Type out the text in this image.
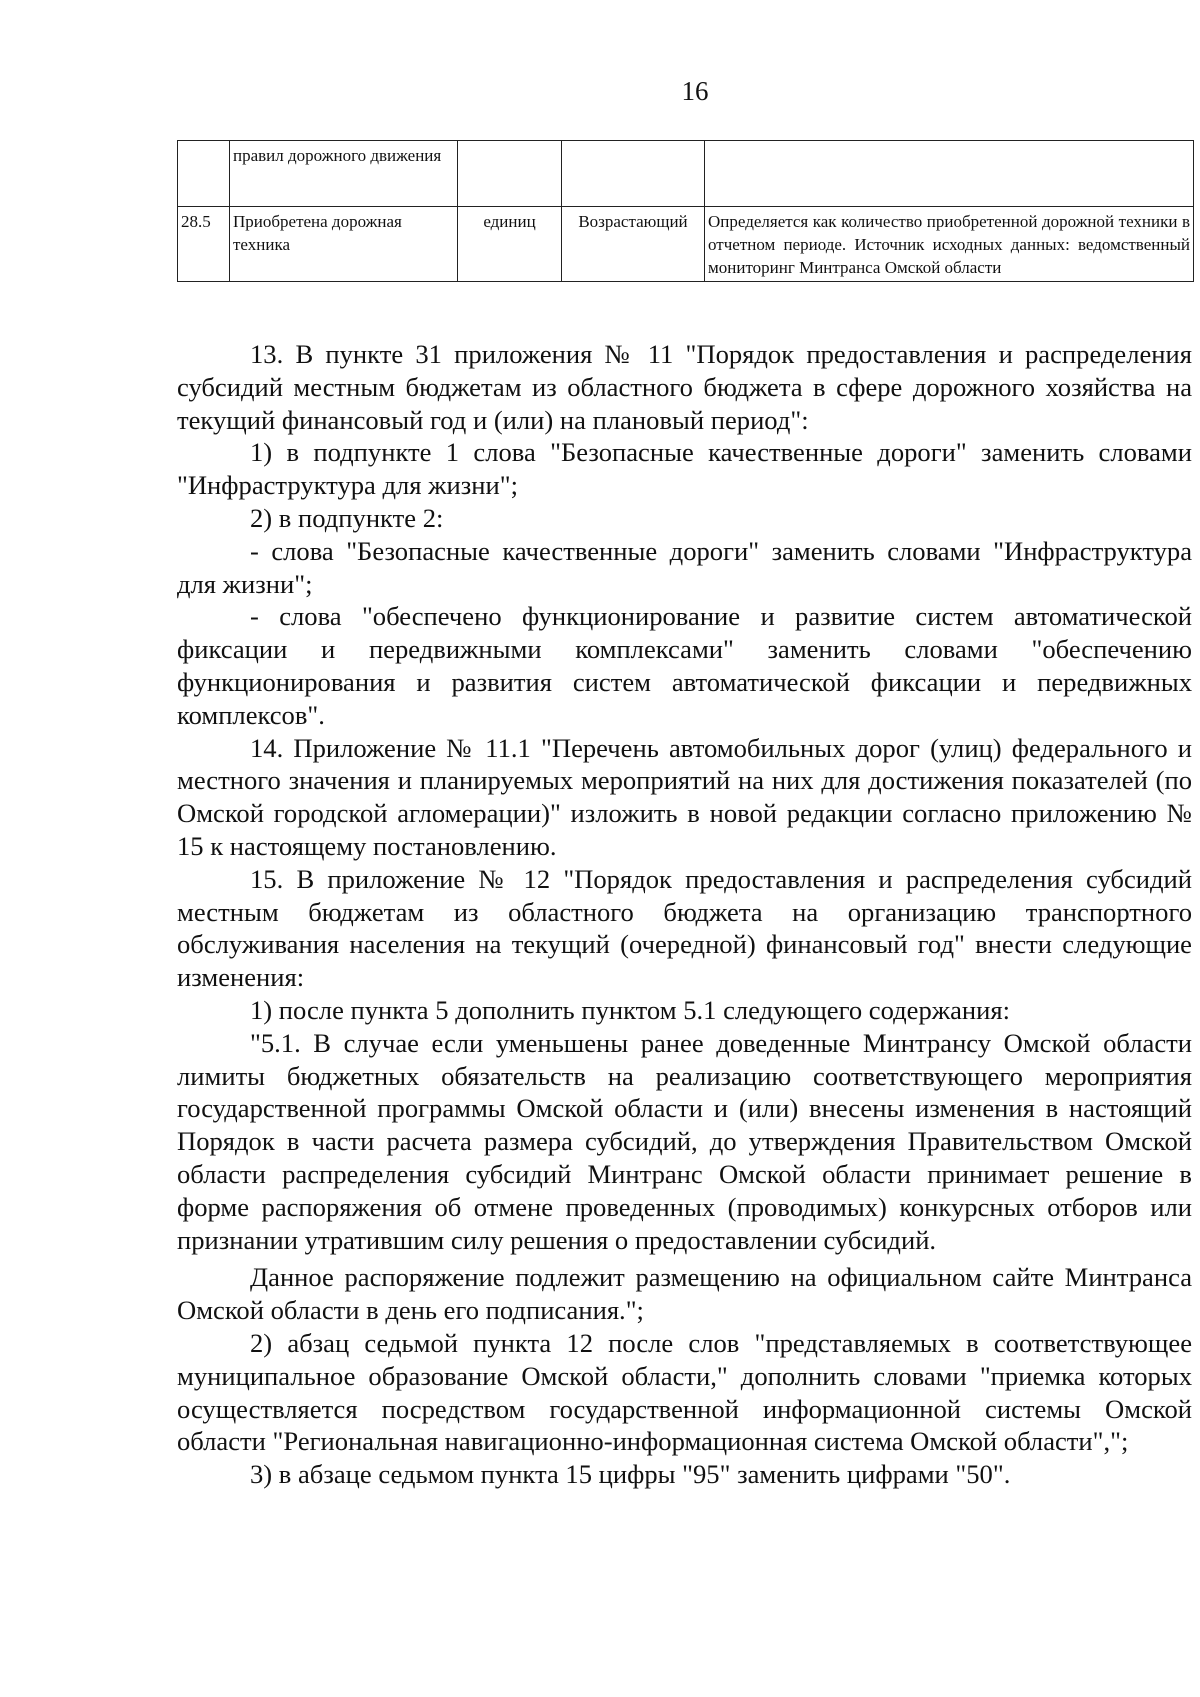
16
	правил дорожного движения			
28.5	Приобретена дорожная техника	единиц	Возрастающий	Определяется как количество приобретенной дорожной техники в отчетном периоде. Источник исходных данных: ведомственный мониторинг Минтранса Омской области

13. В пункте 31 приложения № 11 "Порядок предоставления и распределения субсидий местным бюджетам из областного бюджета в сфере дорожного хозяйства на текущий финансовый год и (или) на плановый период":

1) в подпункте 1 слова "Безопасные качественные дороги" заменить словами "Инфраструктура для жизни";

2) в подпункте 2:

- слова "Безопасные качественные дороги" заменить словами "Инфраструктура для жизни";

- слова "обеспечено функционирование и развитие систем автоматической фиксации и передвижными комплексами" заменить словами "обеспечению функционирования и развития систем автоматической фиксации и передвижных комплексов".

14. Приложение № 11.1 "Перечень автомобильных дорог (улиц) федерального и местного значения и планируемых мероприятий на них для достижения показателей (по Омской городской агломерации)" изложить в новой редакции согласно приложению № 15 к настоящему постановлению.

15. В приложение № 12 "Порядок предоставления и распределения субсидий местным бюджетам из областного бюджета на организацию транспортного обслуживания населения на текущий (очередной) финансовый год" внести следующие изменения:

1) после пункта 5 дополнить пунктом 5.1 следующего содержания:

"5.1. В случае если уменьшены ранее доведенные Минтрансу Омской области лимиты бюджетных обязательств на реализацию соответствующего мероприятия государственной программы Омской области и (или) внесены изменения в настоящий Порядок в части расчета размера субсидий, до утверждения Правительством Омской области распределения субсидий Минтранс Омской области принимает решение в форме распоряжения об отмене проведенных (проводимых) конкурсных отборов или признании утратившим силу решения о предоставлении субсидий.

Данное распоряжение подлежит размещению на официальном сайте Минтранса Омской области в день его подписания.";

2) абзац седьмой пункта 12 после слов "представляемых в соответствующее муниципальное образование Омской области," дополнить словами "приемка которых осуществляется посредством государственной информационной системы Омской области "Региональная навигационно-информационная система Омской области",";

3) в абзаце седьмом пункта 15 цифры "95" заменить цифрами "50".
